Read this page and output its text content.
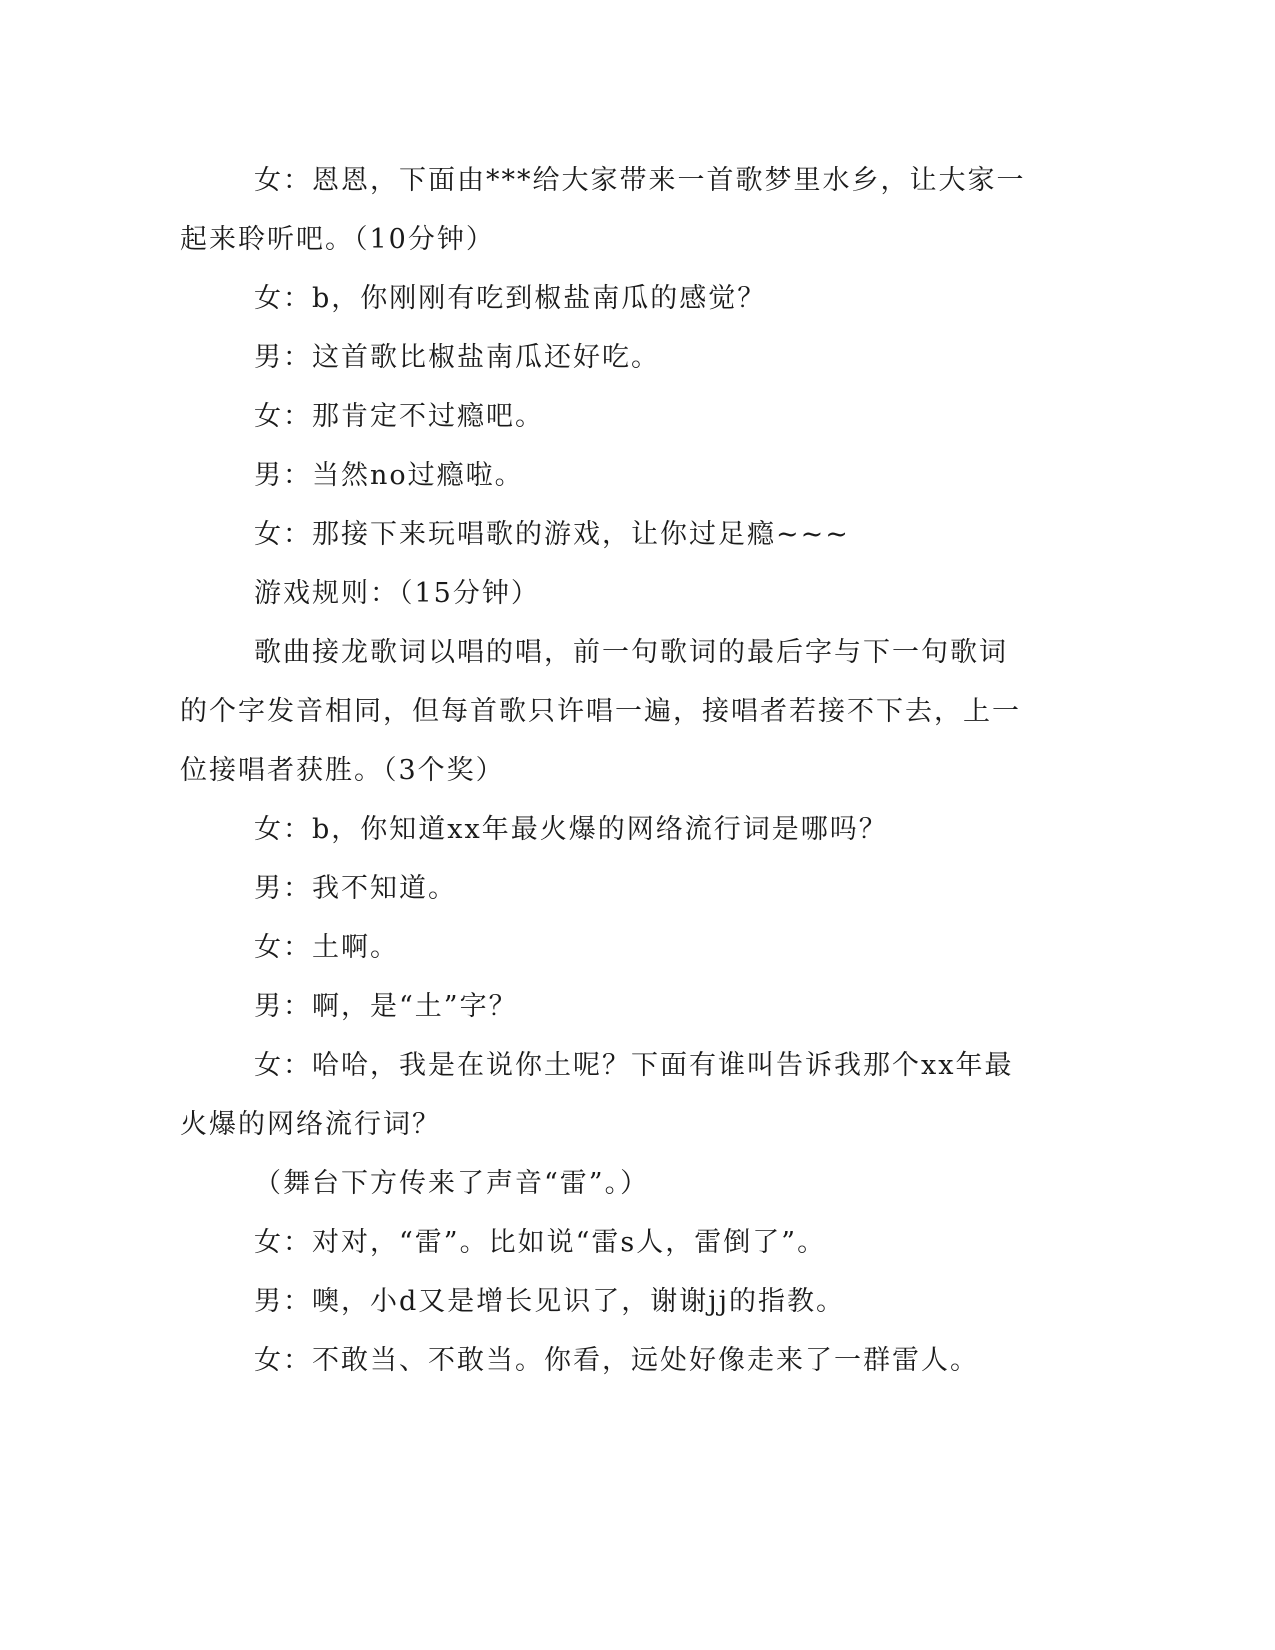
女：恩恩，下面由***给大家带来一首歌梦里水乡，让大家一起来聆听吧。（10分钟）

女：b，你刚刚有吃到椒盐南瓜的感觉？

男：这首歌比椒盐南瓜还好吃。

女：那肯定不过瘾吧。

男：当然no过瘾啦。

女：那接下来玩唱歌的游戏，让你过足瘾~~~

游戏规则：（15分钟）

歌曲接龙歌词以唱的唱，前一句歌词的最后字与下一句歌词的个字发音相同，但每首歌只许唱一遍，接唱者若接不下去，上一位接唱者获胜。（3个奖）

女：b，你知道xx年最火爆的网络流行词是哪吗？

男：我不知道。

女：土啊。

男：啊，是“土”字？

女：哈哈，我是在说你土呢？下面有谁叫告诉我那个xx年最火爆的网络流行词？

（舞台下方传来了声音“雷”。）

女：对对，“雷”。比如说“雷s人，雷倒了”。

男：噢，小d又是增长见识了，谢谢jj的指教。

女：不敢当、不敢当。你看，远处好像走来了一群雷人。
